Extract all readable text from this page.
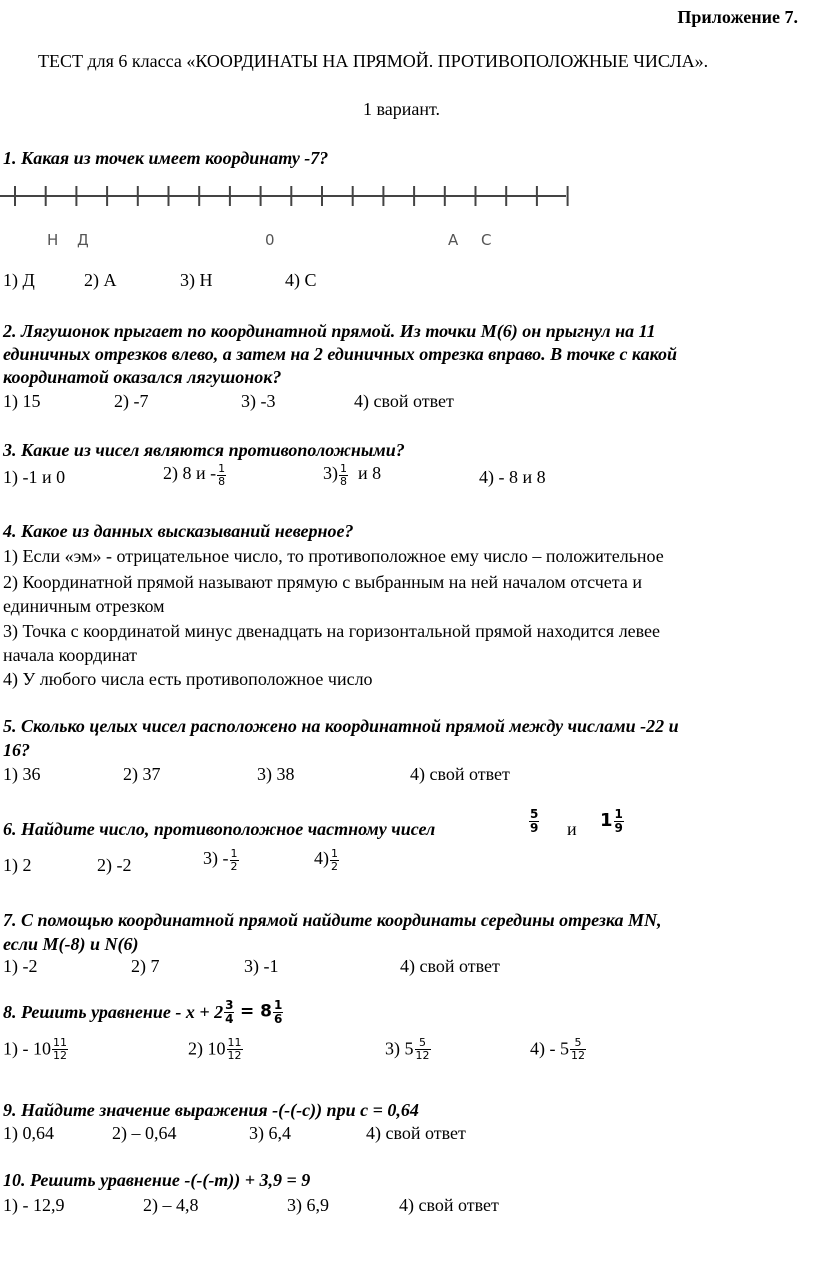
Приложение 7.
ТЕСТ для 6 класса «КООРДИНАТЫ НА ПРЯМОЙ. ПРОТИВОПОЛОЖНЫЕ ЧИСЛА».
1 вариант.
1. Какая из точек имеет координату -7?
Н Д	0	А С
1) Д	2) А	3) Н	4) С
2. Лягушонок прыгает по координатной прямой. Из точки М(6) он прыгнул на 11
единичных отрезков влево, а затем на 2 единичных отрезка вправо. В точке с какой
координатой оказался лягушонок?
1) 15	2) -7	3) -3	4) свой ответ
3. Какие из чисел являются противоположными?
1) -1 и 0	2) 8 и - $\frac{1}{8}$	$3) \frac{1}{8}$ и 8	4) - 8 и 8
4. Какое из данных высказываний неверное?
1) Если «эм» - отрицательное число, то противоположное ему число – положительное
2) Координатной прямой называют прямую с выбранным на ней началом отсчета и
единичным отрезком
3) Точка с координатой минус двенадцать на горизонтальной прямой находится левее
начала координат
4) У любого числа есть противоположное число
5. Сколько целых чисел расположено на координатной прямой между числами -22 и
16?
1) 36	2) 37	3) 38	4) свой ответ
6. Найдите число, противоположное частному чисел	$\frac{5}{9}$ и $1 \frac{1}{9}$
1) 2	2) -2	$3) - \frac{1}{2}$	$4) \frac{1}{2}$
7. С помощью координатной прямой найдите координаты середины отрезка MN,
если М(-8) и N(6)
1) -2	2) 7	3) -1	4) свой ответ
8. Решить уравнение - $х + 2 \frac{3}{4} = 8 \frac{1}{6}$
$1) - 10 \frac{11}{12}$	2) $10 \frac{11}{12}$	3) $5 \frac{5}{12}$	$4) - 5 \frac{5}{12}$
9. Найдите значение выражения -(-(-с)) при с = 0,64
1) 0,64	2) – 0,64	3) 6,4	4) свой ответ
10. Решить уравнение -(-(-m)) + 3,9 = 9
1) - 12,9	2) – 4,8	3) 6,9	4) свой ответ
